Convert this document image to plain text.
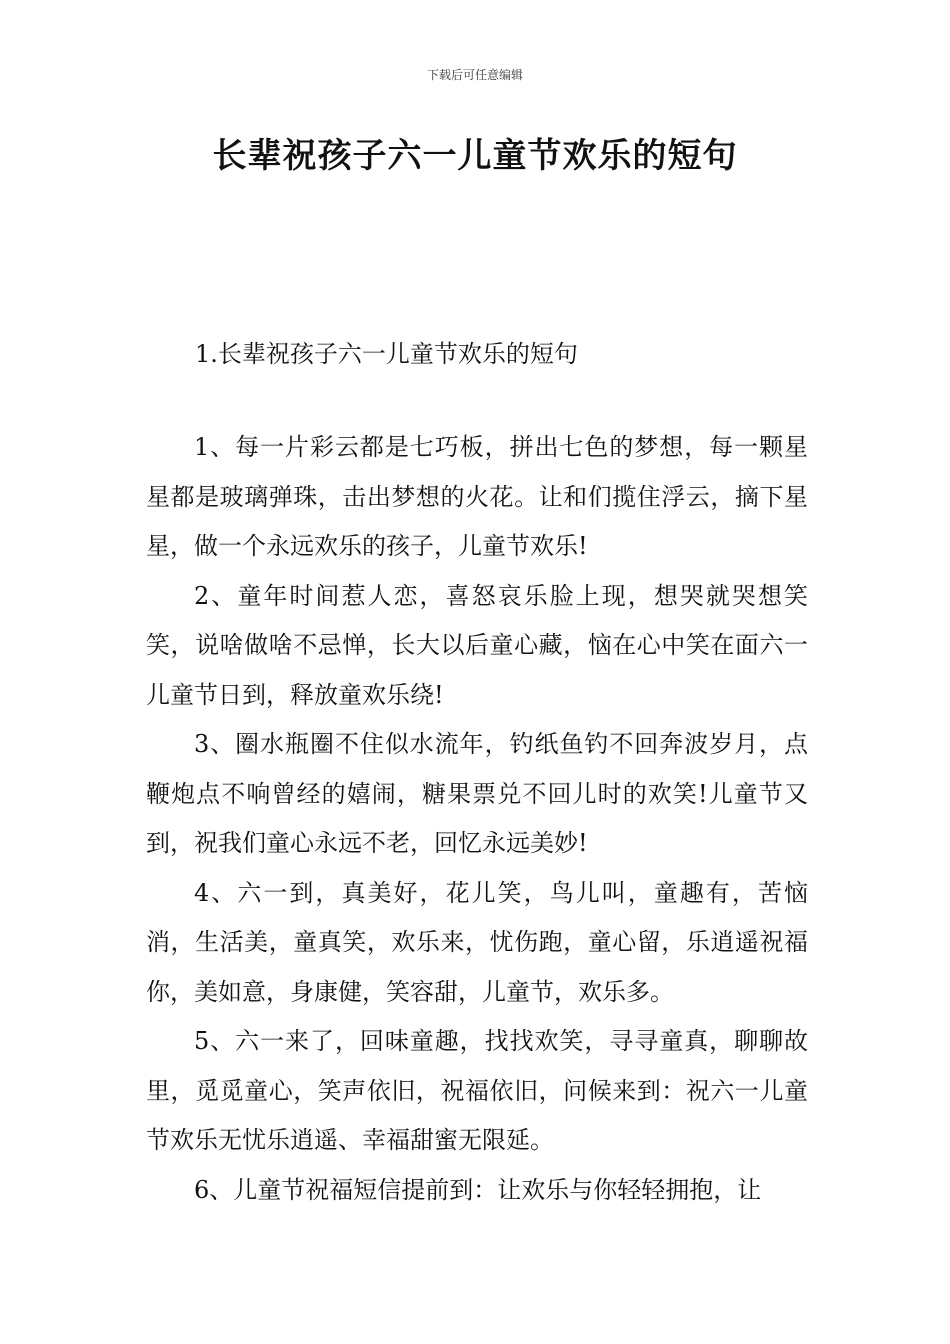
下载后可任意编辑
长辈祝孩子六一儿童节欢乐的短句
1.长辈祝孩子六一儿童节欢乐的短句

1、每一片彩云都是七巧板，拼出七色的梦想，每一颗星星都是玻璃弹珠，击出梦想的火花。让和们揽住浮云，摘下星星，做一个永远欢乐的孩子，儿童节欢乐!

2、童年时间惹人恋，喜怒哀乐脸上现，想哭就哭想笑笑，说啥做啥不忌惮，长大以后童心藏，恼在心中笑在面六一儿童节日到，释放童欢乐绕!

3、圈水瓶圈不住似水流年，钓纸鱼钓不回奔波岁月，点鞭炮点不响曾经的嬉闹，糖果票兑不回儿时的欢笑!儿童节又到，祝我们童心永远不老，回忆永远美妙!

4、六一到，真美好，花儿笑，鸟儿叫，童趣有，苦恼消，生活美，童真笑，欢乐来，忧伤跑，童心留，乐逍遥祝福你，美如意，身康健，笑容甜，儿童节，欢乐多。

5、六一来了，回味童趣，找找欢笑，寻寻童真，聊聊故里，觅觅童心，笑声依旧，祝福依旧，问候来到：祝六一儿童节欢乐无忧乐逍遥、幸福甜蜜无限延。

6、儿童节祝福短信提前到：让欢乐与你轻轻拥抱，让
